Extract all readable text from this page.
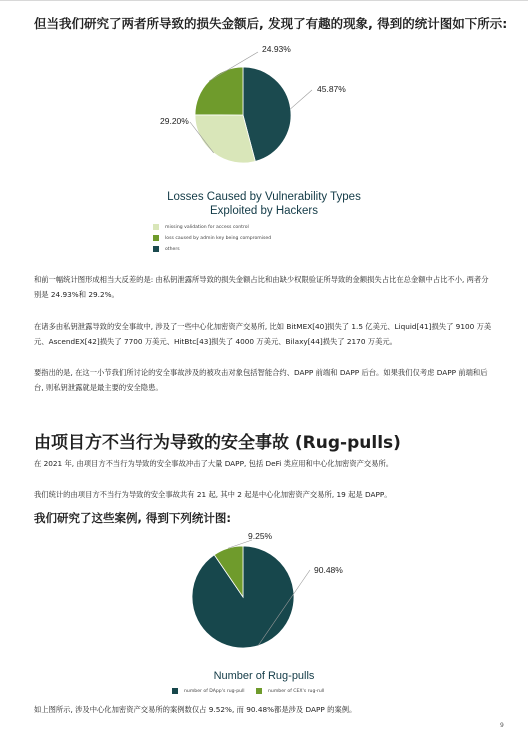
但当我们研究了两者所导致的损失金额后, 发现了有趣的现象, 得到的统计图如下所示:
29.20%
24.93%
45.87%
Losses Caused by Vulnerability Types
Exploited by Hackers
missing validation for access control
loss caused by admin key being compromised
others
和前一幅统计图形成相当大反差的是: 由私钥泄露所导致的损失金额占比和由缺少权限验证所导致的金额损失占比在总金额中占比不小, 两者分别是 24.93%和 29.2%。
在诸多由私钥泄露导致的安全事故中, 涉及了一些中心化加密资产交易所, 比如 BitMEX[40]损失了 1.5 亿美元、Liquid[41]损失了 9100 万美元、AscendEX[42]损失了 7700 万美元、HitBtc[43]损失了 4000 万美元、Bilaxy[44]损失了 2170 万美元。
要指出的是, 在这一小节我们所讨论的安全事故涉及的被攻击对象包括智能合约、DAPP 前端和 DAPP 后台。如果我们仅考虑 DAPP 前端和后台, 则私钥泄露就是最主要的安全隐患。
由项目方不当行为导致的安全事故 (Rug-pulls)
在 2021 年, 由项目方不当行为导致的安全事故冲击了大量 DAPP, 包括 DeFi 类应用和中心化加密资产交易所。
我们统计的由项目方不当行为导致的安全事故共有 21 起, 其中 2 起是中心化加密资产交易所, 19 起是 DAPP。
我们研究了这些案例, 得到下列统计图:
9.25%
90.48%
Number of Rug-pulls
number of DApp's rug-pull	number of CEX's rug-rull
如上图所示, 涉及中心化加密资产交易所的案例数仅占 9.52%, 而 90.48%都是涉及 DAPP 的案例。
9
